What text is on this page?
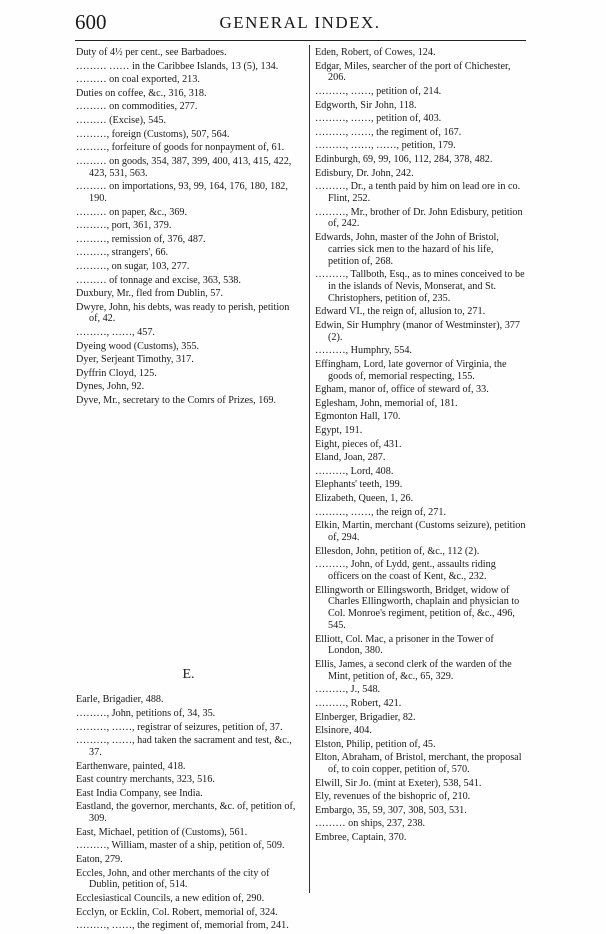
600	GENERAL INDEX.
Duty of 4½ per cent., see Barbadoes.
……… …… in the Caribbee Islands, 13 (5), 134.
……… on coal exported, 213.
Duties on coffee, &c., 316, 318.
……… on commodities, 277.
……… (Excise), 545.
………, foreign (Customs), 507, 564.
………, forfeiture of goods for nonpayment of, 61.
……… on goods, 354, 387, 399, 400, 413, 415, 422, 423, 531, 563.
……… on importations, 93, 99, 164, 176, 180, 182, 190.
……… on paper, &c., 369.
………, port, 361, 379.
………, remission of, 376, 487.
………, strangers', 66.
………, on sugar, 103, 277.
……… of tonnage and excise, 363, 538.
Duxbury, Mr., fled from Dublin, 57.
Dwyre, John, his debts, was ready to perish, petition of, 42.
………, ……, 457.
Dyeing wood (Customs), 355.
Dyer, Serjeant Timothy, 317.
Dyffrin Cloyd, 125.
Dynes, John, 92.
Dyve, Mr., secretary to the Comrs of Prizes, 169.
E.
Earle, Brigadier, 488.
………, John, petitions of, 34, 35.
………, ……, registrar of seizures, petition of, 37.
………, ……, had taken the sacrament and test, &c., 37.
Earthenware, painted, 418.
East country merchants, 323, 516.
East India Company, see India.
Eastland, the governor, merchants, &c. of, petition of, 309.
East, Michael, petition of (Customs), 561.
………, William, master of a ship, petition of, 509.
Eaton, 279.
Eccles, John, and other merchants of the city of Dublin, petition of, 514.
Ecclesiastical Councils, a new edition of, 290.
Ecclyn, or Ecklin, Col. Robert, memorial of, 324.
………, ……, the regiment of, memorial from, 241.
Eden, Robert, of Cowes, 124.
Edgar, Miles, searcher of the port of Chichester, 206.
………, ……, petition of, 214.
Edgworth, Sir John, 118.
………, ……, petition of, 403.
………, ……, the regiment of, 167.
………, ……, ……, petition, 179.
Edinburgh, 69, 99, 106, 112, 284, 378, 482.
Edisbury, Dr. John, 242.
………, Dr., a tenth paid by him on lead ore in co. Flint, 252.
………, Mr., brother of Dr. John Edisbury, petition of, 242.
Edwards, John, master of the John of Bristol, carries sick men to the hazard of his life, petition of, 268.
………, Tallboth, Esq., as to mines conceived to be in the islands of Nevis, Monserat, and St. Christophers, petition of, 235.
Edward VI., the reign of, allusion to, 271.
Edwin, Sir Humphry (manor of Westminster), 377 (2).
………, Humphry, 554.
Effingham, Lord, late governor of Virginia, the goods of, memorial respecting, 155.
Egham, manor of, office of steward of, 33.
Eglesham, John, memorial of, 181.
Egmonton Hall, 170.
Egypt, 191.
Eight, pieces of, 431.
Eland, Joan, 287.
………, Lord, 408.
Elephants' teeth, 199.
Elizabeth, Queen, 1, 26.
………, ……, the reign of, 271.
Elkin, Martin, merchant (Customs seizure), petition of, 294.
Ellesdon, John, petition of, &c., 112 (2).
………, John, of Lydd, gent., assaults riding officers on the coast of Kent, &c., 232.
Ellingworth or Ellingsworth, Bridget, widow of Charles Ellingworth, chaplain and physician to Col. Monroe's regiment, petition of, &c., 496, 545.
Elliott, Col. Mac, a prisoner in the Tower of London, 380.
Ellis, James, a second clerk of the warden of the Mint, petition of, &c., 65, 329.
………, J., 548.
………, Robert, 421.
Elnberger, Brigadier, 82.
Elsinore, 404.
Elston, Philip, petition of, 45.
Elton, Abraham, of Bristol, merchant, the proposal of, to coin copper, petition of, 570.
Elwill, Sir Jo. (mint at Exeter), 538, 541.
Ely, revenues of the bishopric of, 210.
Embargo, 35, 59, 307, 308, 503, 531.
……… on ships, 237, 238.
Embree, Captain, 370.
